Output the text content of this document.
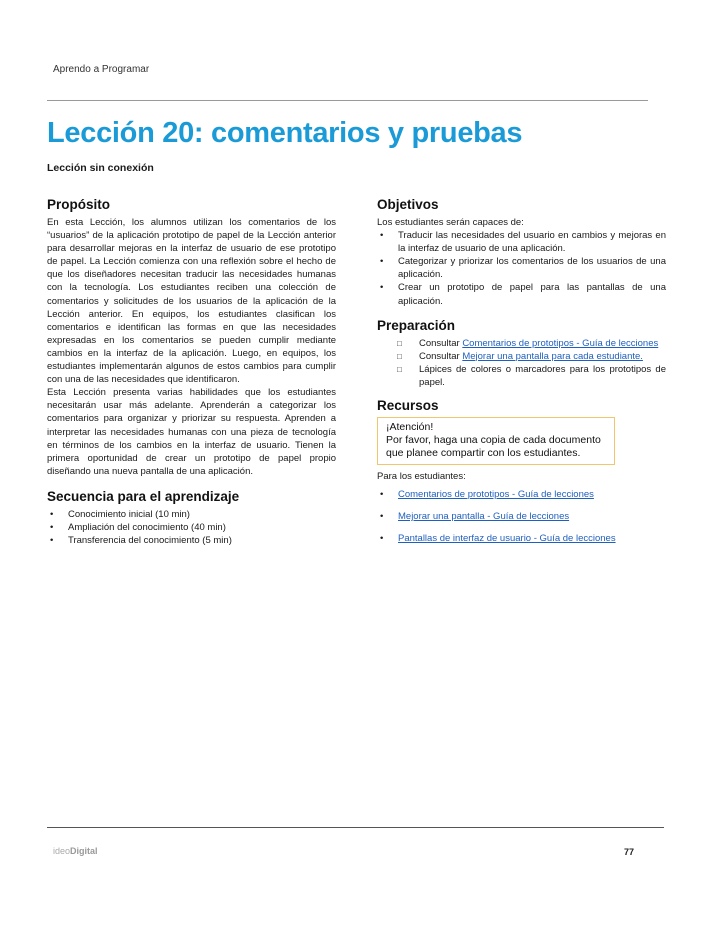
Aprendo a Programar
Lección 20: comentarios y pruebas
Lección sin conexión
Propósito

En esta Lección, los alumnos utilizan los comentarios de los “usuarios” de la aplicación prototipo de papel de la Lección anterior para desarrollar mejoras en la interfaz de usuario de ese prototipo de papel. La Lección comienza con una reflexión sobre el hecho de que los diseñadores necesitan traducir las necesidades humanas con la tecnología. Los estudiantes reciben una colección de comentarios y solicitudes de los usuarios de la aplicación de la Lección anterior. En equipos, los estudiantes clasifican los comentarios e identifican las formas en que las necesidades expresadas en los comentarios se pueden cumplir mediante cambios en la interfaz de la aplicación. Luego, en equipos, los estudiantes implementarán algunos de estos cambios para cumplir con una de las necesidades que identificaron.

Esta Lección presenta varias habilidades que los estudiantes necesitarán usar más adelante. Aprenderán a categorizar los comentarios para organizar y priorizar su respuesta. Aprenden a interpretar las necesidades humanas con una pieza de tecnología en términos de los cambios en la interfaz de usuario. Tienen la primera oportunidad de crear un prototipo de papel propio diseñando una nueva pantalla de una aplicación.

Secuencia para el aprendizaje
• Conocimiento inicial (10 min)
• Ampliación del conocimiento (40 min)
• Transferencia del conocimiento (5 min)
Objetivos
Los estudiantes serán capaces de:
• Traducir las necesidades del usuario en cambios y mejoras en la interfaz de usuario de una aplicación.
• Categorizar y priorizar los comentarios de los usuarios de una aplicación.
• Crear un prototipo de papel para las pantallas de una aplicación.
Preparación
□ Consultar Comentarios de prototipos - Guía de lecciones
□ Consultar Mejorar una pantalla para cada estudiante.
□ Lápices de colores o marcadores para los prototipos de papel.
Recursos
¡Atención!
Por favor, haga una copia de cada documento que planee compartir con los estudiantes.
Para los estudiantes:
• Comentarios de prototipos - Guía de lecciones
• Mejorar una pantalla - Guía de lecciones
• Pantallas de interfaz de usuario - Guía de lecciones
ideoDigital	77
